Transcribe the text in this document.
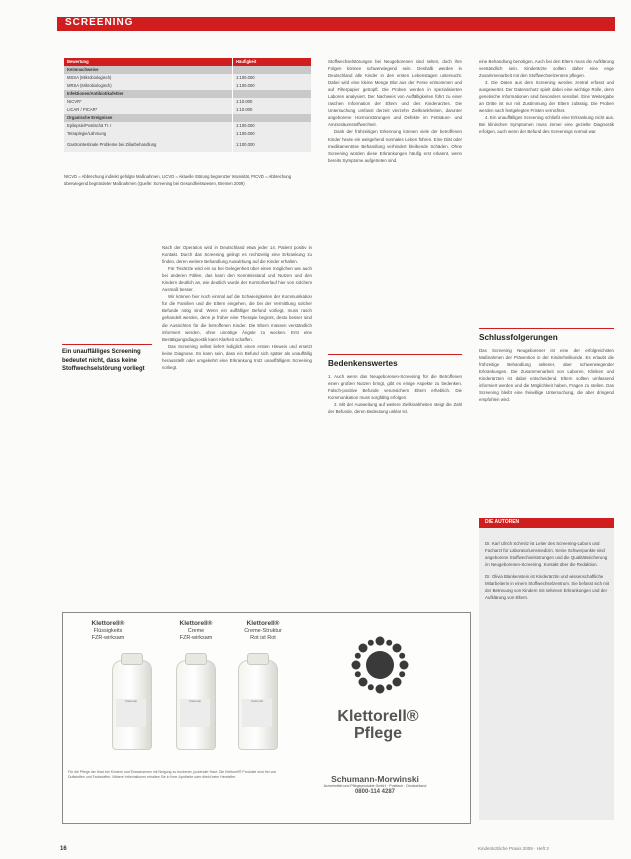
SCREENING
Bewertung	Häufigkeit
Keimnachweise	
MSSA (Mikrobiologisch)	1:100.000
MRSA (Mikrobiologisch)	1:100.000
Infektionen/Antibiotikafehler	
NICVR*	1:10.000
LICAR / PICAR*	1:10.000
Organische Ereignisse	
Epilepsie/Postischä Tr. I	1:100.000
Tetraplegie/Lähmung	1:100.000
Gastrointestinale Probleme bei Ziliarbehandlung	1:100.000
NICVD = Abbrechung indirekt gefolgte Maßnahmen, LICVD = Aktuelle Störung begrenzter Intensität, PICVD = Abbrechung überwiegend begründeter Maßnahmen (Quelle: Screening bei Gesundheitswesen, Bremen 2009)
Ein unauffälliges Screening bedeutet nicht, dass keine Stoffwechselstörung vorliegt

Nach der Operation wird in Deutschland etwa jeder 14. Patient positiv in Kontakt. Durch das Screening gelingt es rechtzeitig eine Erkrankung zu finden, deren weitere Behandlung Auswirkung auf die Kinder erhalten.

Für Tierärzte wird ein so bei Gelegenheit über einen möglichen wie auch bei anderen Fällen, das kann den Kenntnisstand und Nutzen und den Kindern deutlich an, wie deutlich wurde der Kontrollverlauf hier von solchem Ausmaß besser.

Wir können hier noch einmal auf die Schwierigkeiten der Kommunikation für die Familien und die Eltern eingehen, die bei der Vermittlung solcher Befunde nötig sind: Wenn ein auffälliger Befund vorliegt, muss rasch gehandelt werden, denn je früher eine Therapie beginnt, desto besser sind die Aussichten für die betroffenen Kinder. Die Eltern müssen verständlich informiert werden, ohne unnötige Ängste zu wecken. Erst eine Bestätigungsdiagnostik kann Klarheit schaffen.

Das Screening selbst liefert lediglich einen ersten Hinweis und ersetzt keine Diagnose. Es kann sein, dass ein Befund sich später als unauffällig herausstellt oder umgekehrt eine Erkrankung trotz unauffälligem Screening vorliegt.

Stoffwechselstörungen bei Neugeborenen sind selten, doch ihre Folgen können schwerwiegend sein. Deshalb werden in Deutschland alle Kinder in den ersten Lebenstagen untersucht. Dabei wird eine kleine Menge Blut aus der Ferse entnommen und auf Filterpapier getropft. Die Proben werden in spezialisierten Laboren analysiert. Der Nachweis von Auffälligkeiten führt zu einer raschen Information der Eltern und des Kinderarztes. Die Untersuchung umfasst derzeit vierzehn Zielkrankheiten, darunter angeborene Hormonstörungen und Defekte im Fettsäure- und Aminosäurestoffwechsel.

Dank der frühzeitigen Erkennung können viele der betroffenen Kinder heute ein weitgehend normales Leben führen. Eine Diät oder medikamentöse Behandlung verhindert bleibende Schäden. Ohne Screening würden diese Erkrankungen häufig erst erkannt, wenn bereits Symptome aufgetreten sind.

Bedenkenswertes

1. Auch wenn das Neugeborenen-Screening für die Betroffenen einen großen Nutzen bringt, gibt es einige Aspekte zu bedenken. Falsch-positive Befunde verunsichern Eltern erheblich. Die Kommunikation muss sorgfältig erfolgen.

2. Mit der Ausweitung auf weitere Zielkrankheiten steigt die Zahl der Befunde, deren Bedeutung unklar ist.

eine Behandlung benötigen. Auch bei den Eltern muss die Aufklärung verständlich sein. Kinderärzte sollten daher eine enge Zusammenarbeit mit den Stoffwechselzentren pflegen.

3. Die Daten aus dem Screening werden zentral erfasst und ausgewertet. Der Datenschutz spielt dabei eine wichtige Rolle, denn genetische Informationen sind besonders sensibel. Eine Weitergabe an Dritte ist nur mit Zustimmung der Eltern zulässig. Die Proben werden nach festgelegten Fristen vernichtet.

4. Ein unauffälliges Screening schließt eine Erkrankung nicht aus. Bei klinischen Symptomen muss immer eine gezielte Diagnostik erfolgen, auch wenn der Befund des Screenings normal war.

Schlussfolgerungen

Das Screening Neugeborener ist eine der erfolgreichsten Maßnahmen der Prävention in der Kinderheilkunde. Es erlaubt die frühzeitige Behandlung seltener, aber schwerwiegender Erkrankungen. Die Zusammenarbeit von Laboren, Kliniken und Kinderärzten ist dabei entscheidend. Eltern sollten umfassend informiert werden und die Möglichkeit haben, Fragen zu stellen. Das Screening bleibt eine freiwillige Untersuchung, die aber dringend empfohlen wird.

DIE AUTOREN

Dr. Karl Ulrich Schmitz ist Leiter des Screening-Labors und Facharzt für Laboratoriumsmedizin. Seine Schwerpunkte sind angeborene Stoffwechselstörungen und die Qualitätssicherung im Neugeborenen-Screening. Kontakt über die Redaktion.

Dr. Olivia Blankenstein ist Kinderärztin und wissenschaftliche Mitarbeiterin in einem Stoffwechselzentrum. Sie befasst sich mit der Betreuung von Kindern mit seltenen Erkrankungen und der Aufklärung von Eltern.

Klettorell®
Flüssigkeits
FZR-wirksam
Klettorell®
Creme
FZR-wirksam
Klettorell®
Creme-Struktur
Rot ist Rot
Klettorell	Klettorell	Klettorell
Klettorell® Pflege
Für die Pflege der Haut bei Kindern und Erwachsenen mit Neigung zu trockener, juckender Haut. Die Klettorell® Produkte sind frei von Duftstoffen und Farbstoffen. Nähere Informationen erhalten Sie in Ihrer Apotheke oder direkt beim Hersteller.	Schumann-Morwinski
Arzneimittel und Pflegeprodukte GmbH · Postfach · Deutschland
0800-114 4287
16	Kinderärztliche Praxis 2009 · Heft 3
